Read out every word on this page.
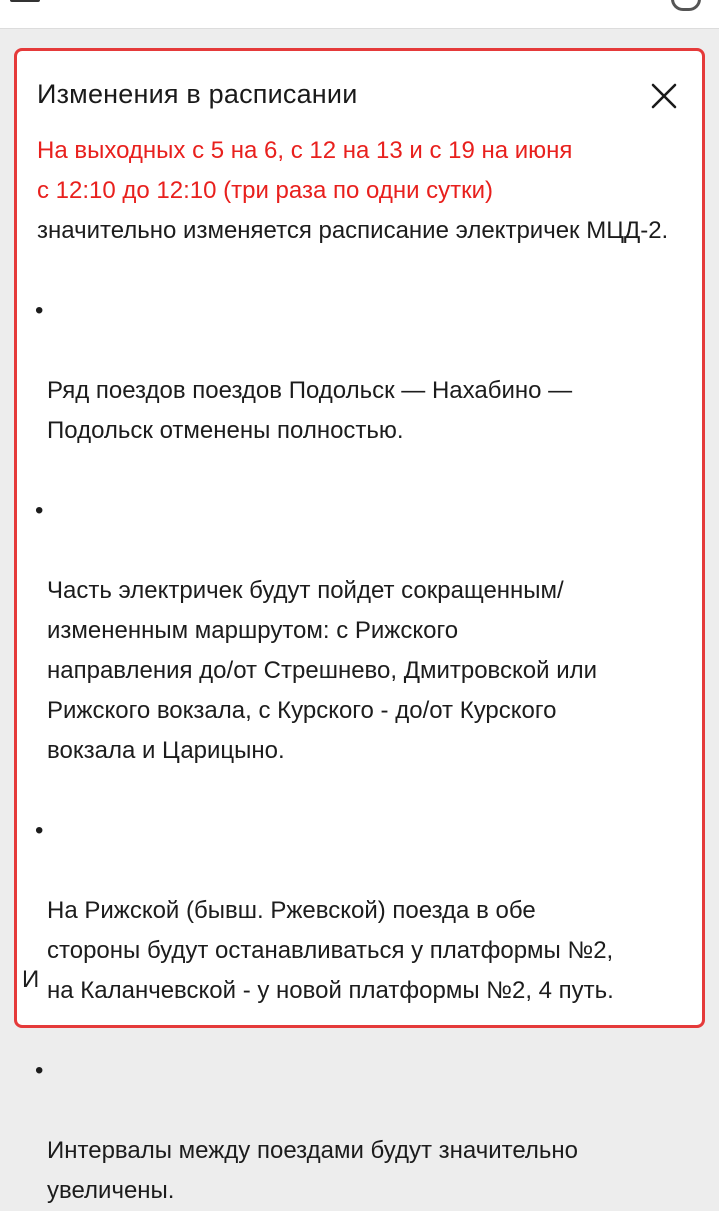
Изменения в расписании
На выходных с 5 на 6, с 12 на 13 и с 19 на июня
с 12:10 до 12:10 (три раза по одни сутки)
значительно изменяется расписание электричек МЦД-2.

•

Ряд поездов поездов Подольск — Нахабино —
Подольск отменены полностью.

•

Часть электричек будут пойдет сокращенным/
измененным маршрутом: с Рижского
направления до/от Стрешнево, Дмитровской или
Рижского вокзала, с Курского - до/от Курского
вокзала и Царицыно.

•

На Рижской (бывш. Ржевской) поезда в обе
стороны будут останавливаться у платформы №2,
на Каланчевской - у новой платформы №2, 4 путь.

•

Интервалы между поездами будут значительно
увеличены.

И
